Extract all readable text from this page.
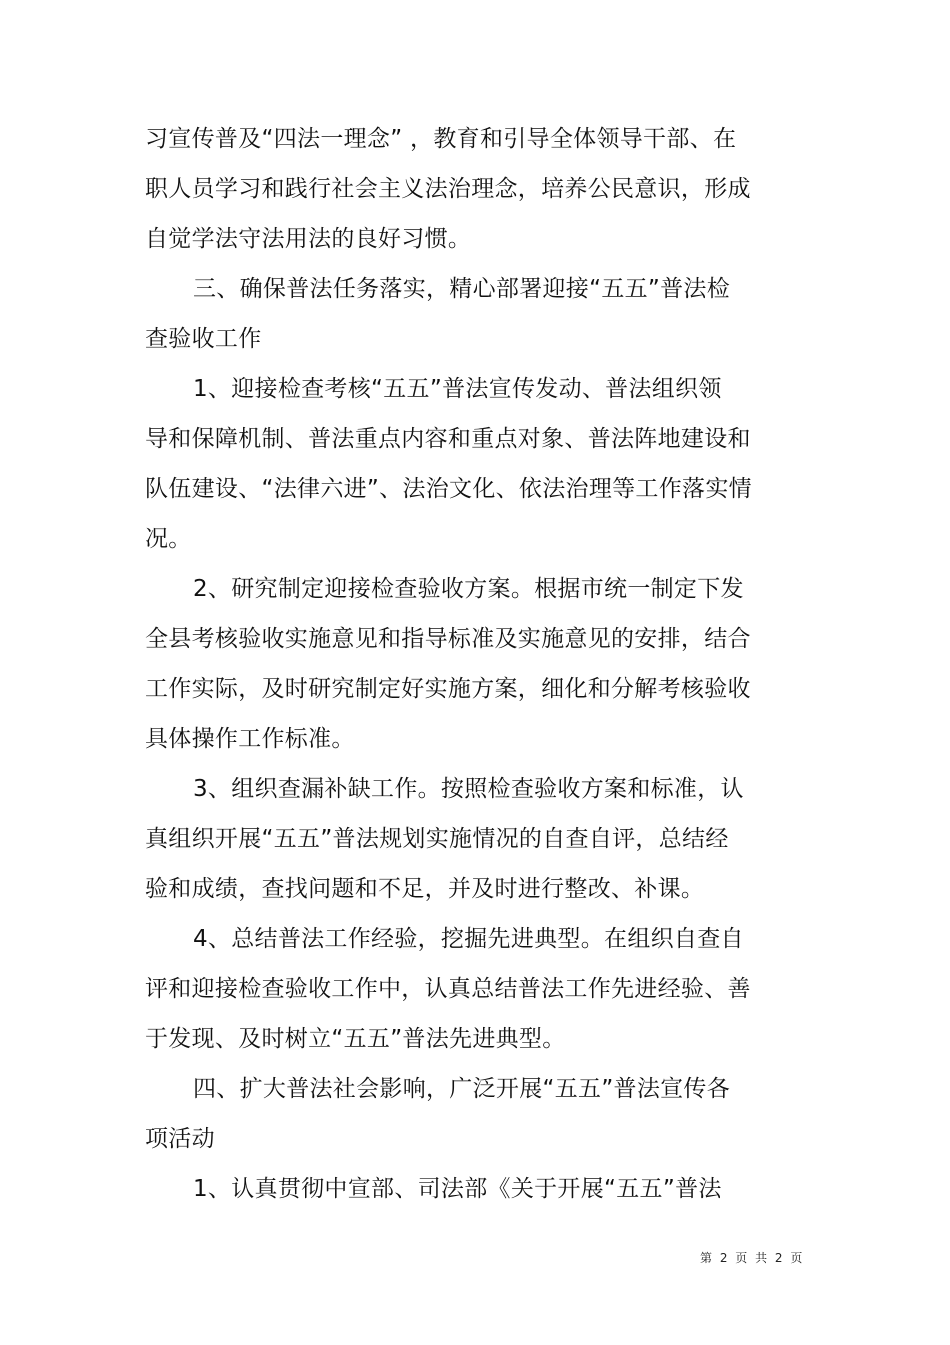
习宣传普及“四法一理念” ，教育和引导全体领导干部、在
职人员学习和践行社会主义法治理念，培养公民意识，形成
自觉学法守法用法的良好习惯。
三、确保普法任务落实，精心部署迎接“五五”普法检
查验收工作
1、迎接检查考核“五五”普法宣传发动、普法组织领
导和保障机制、普法重点内容和重点对象、普法阵地建设和
队伍建设、“法律六进”、法治文化、依法治理等工作落实情
况。
2、研究制定迎接检查验收方案。根据市统一制定下发
全县考核验收实施意见和指导标准及实施意见的安排，结合
工作实际，及时研究制定好实施方案，细化和分解考核验收
具体操作工作标准。
3、组织查漏补缺工作。按照检查验收方案和标准，认
真组织开展“五五”普法规划实施情况的自查自评，总结经
验和成绩，查找问题和不足，并及时进行整改、补课。
4、总结普法工作经验，挖掘先进典型。在组织自查自
评和迎接检查验收工作中，认真总结普法工作先进经验、善
于发现、及时树立“五五”普法先进典型。
四、扩大普法社会影响，广泛开展“五五”普法宣传各
项活动
1、认真贯彻中宣部、司法部《关于开展“五五”普法
第 2 页 共 2 页
